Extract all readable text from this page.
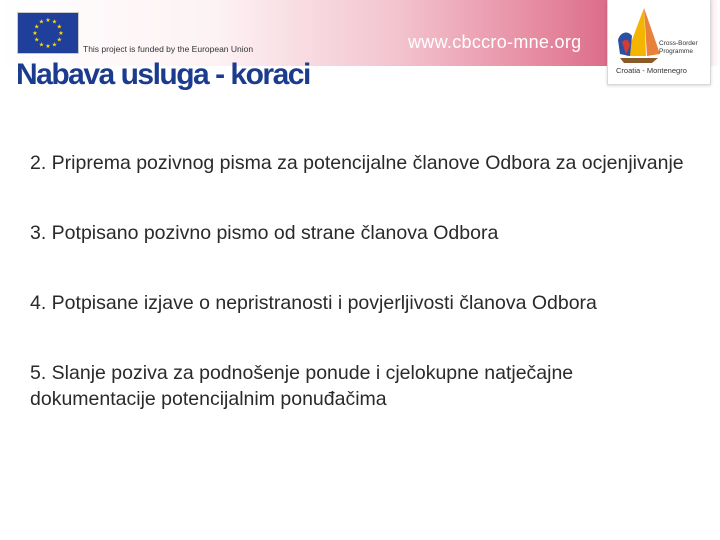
★ ★
★
★
★
★
★
★
★
★
★
★
This project is funded by the European Union	www.cbccro-mne.org	Cross-Border Programme
Croatia - Montenegro
Nabava usluga - koraci
2. Priprema pozivnog pisma za potencijalne članove Odbora za ocjenjivanje
3. Potpisano pozivno pismo od strane članova Odbora
4. Potpisane izjave o nepristranosti i povjerljivosti članova Odbora
5. Slanje poziva za podnošenje ponude i cjelokupne natječajne dokumentacije potencijalnim ponuđačima
